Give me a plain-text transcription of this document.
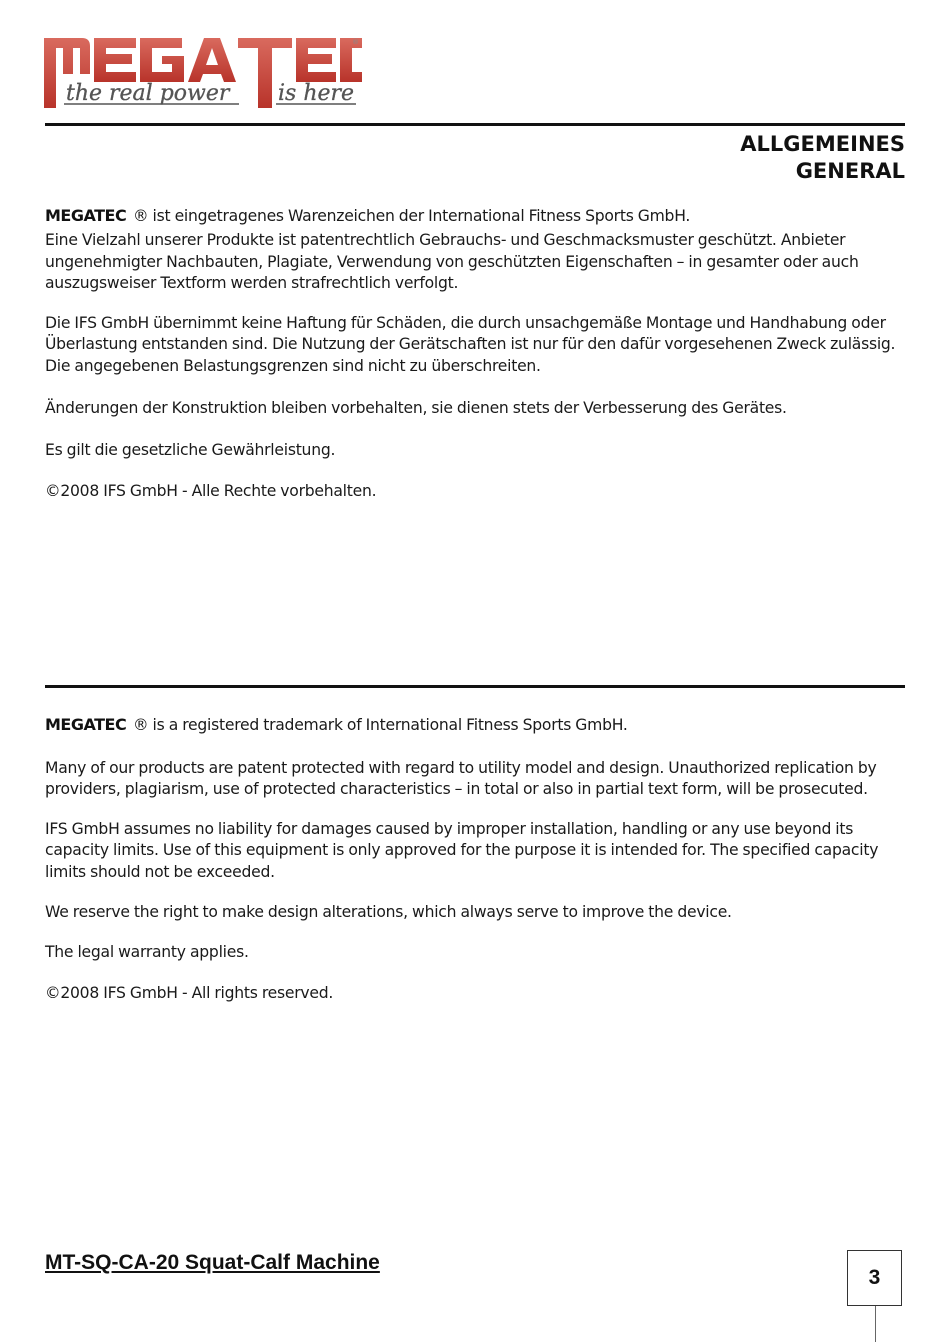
the real power is here
®
ALLGEMEINES
GENERAL
MEGATEC ® ist eingetragenes Warenzeichen der International Fitness Sports GmbH.
Eine Vielzahl unserer Produkte ist patentrechtlich Gebrauchs- und Geschmacksmuster geschützt. Anbieter ungenehmigter Nachbauten, Plagiate, Verwendung von geschützten Eigenschaften – in gesamter oder auch auszugsweiser Textform werden strafrechtlich verfolgt.
Die IFS GmbH übernimmt keine Haftung für Schäden, die durch unsachgemäße Montage und Handhabung oder Überlastung entstanden sind. Die Nutzung der Gerätschaften ist nur für den dafür vorgesehenen Zweck zulässig. Die angegebenen Belastungsgrenzen sind nicht zu überschreiten.
Änderungen der Konstruktion bleiben vorbehalten, sie dienen stets der Verbesserung des Gerätes.
Es gilt die gesetzliche Gewährleistung.
©2008 IFS GmbH - Alle Rechte vorbehalten.
MEGATEC ® is a registered trademark of International Fitness Sports GmbH.
Many of our products are patent protected with regard to utility model and design. Unauthorized replication by providers, plagiarism, use of protected characteristics – in total or also in partial text form, will be prosecuted.
IFS GmbH assumes no liability for damages caused by improper installation, handling or any use beyond its capacity limits. Use of this equipment is only approved for the purpose it is intended for. The specified capacity limits should not be exceeded.
We reserve the right to make design alterations, which always serve to improve the device.
The legal warranty applies.
©2008 IFS GmbH - All rights reserved.
MT-SQ-CA-20 Squat-Calf Machine
3
